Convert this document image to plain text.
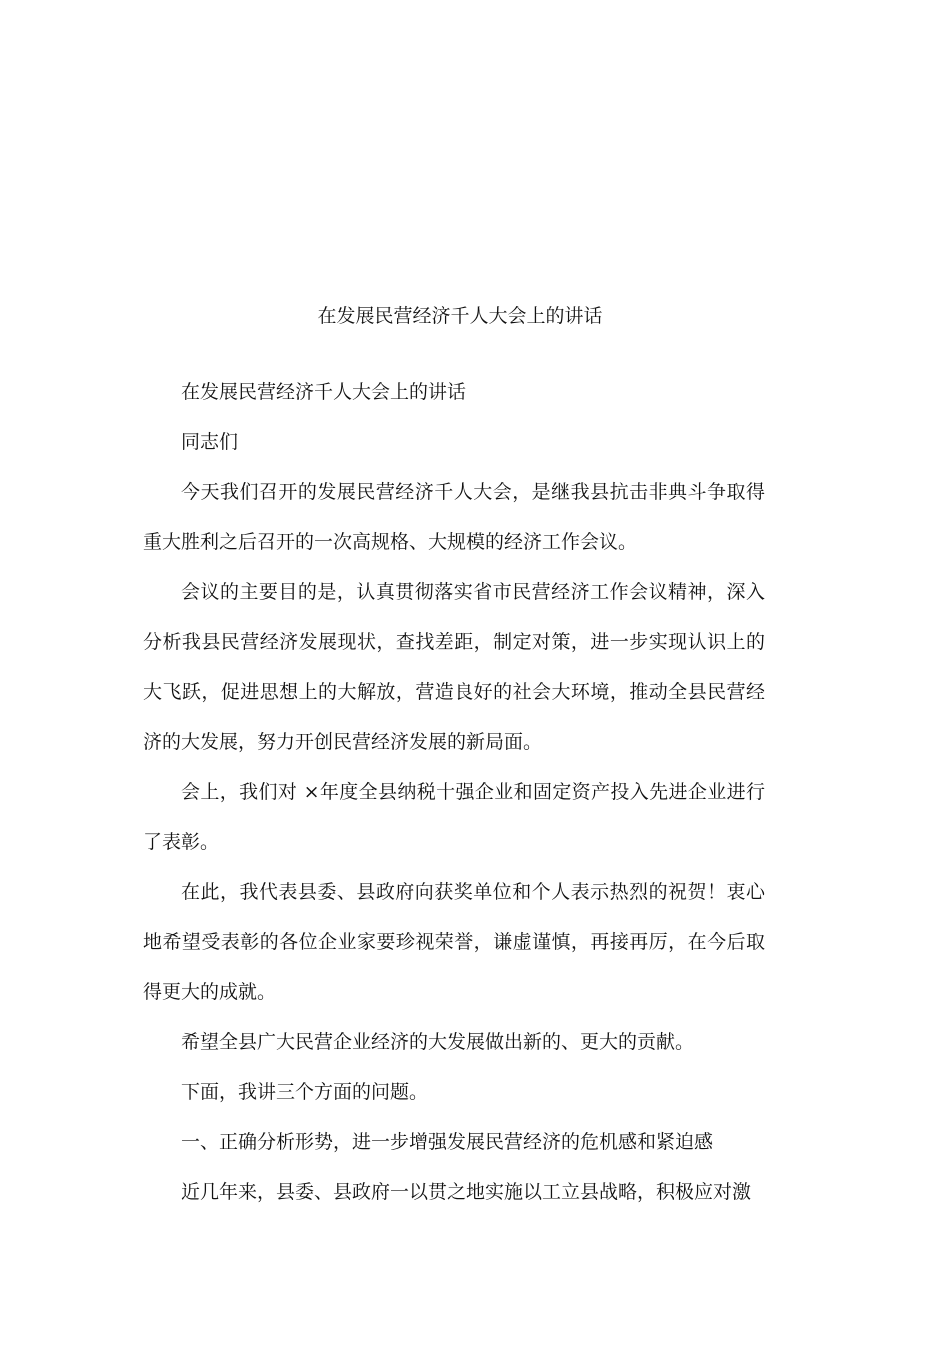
在发展民营经济千人大会上的讲话

在发展民营经济千人大会上的讲话

同志们

今天我们召开的发展民营经济千人大会，是继我县抗击非典斗争取得重大胜利之后召开的一次高规格、大规模的经济工作会议。

会议的主要目的是，认真贯彻落实省市民营经济工作会议精神，深入分析我县民营经济发展现状，查找差距，制定对策，进一步实现认识上的大飞跃，促进思想上的大解放，营造良好的社会大环境，推动全县民营经济的大发展，努力开创民营经济发展的新局面。

会上，我们对 ×年度全县纳税十强企业和固定资产投入先进企业进行了表彰。

在此，我代表县委、县政府向获奖单位和个人表示热烈的祝贺！衷心地希望受表彰的各位企业家要珍视荣誉，谦虚谨慎，再接再厉，在今后取得更大的成就。

希望全县广大民营企业经济的大发展做出新的、更大的贡献。

下面，我讲三个方面的问题。

一、正确分析形势，进一步增强发展民营经济的危机感和紧迫感

近几年来，县委、县政府一以贯之地实施以工立县战略，积极应对激
